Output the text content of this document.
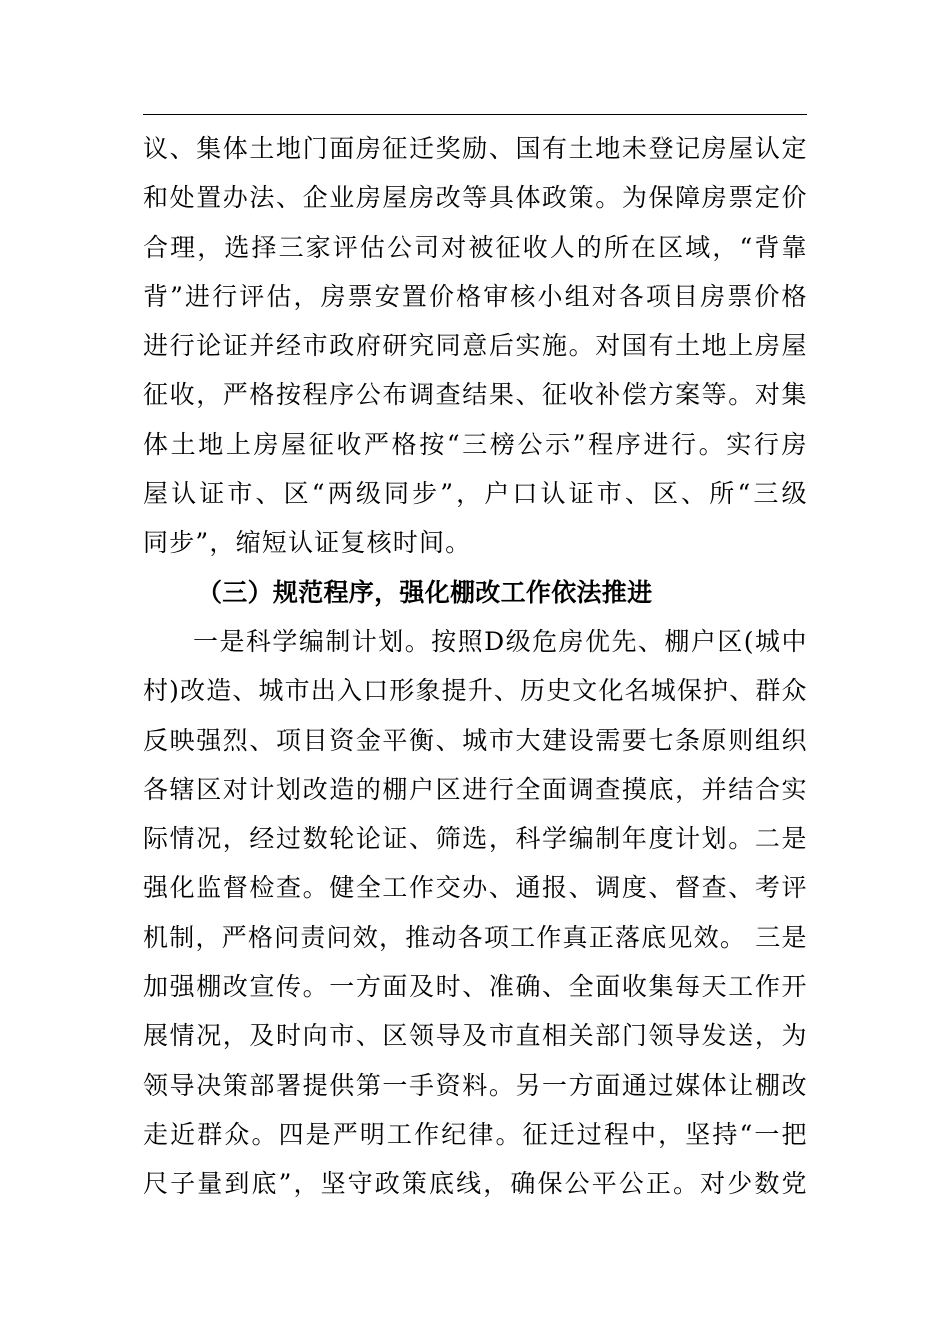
议、集体土地门面房征迁奖励、国有土地未登记房屋认定
和处置办法、企业房屋房改等具体政策。为保障房票定价
合理，选择三家评估公司对被征收人的所在区域，“背靠
背”进行评估，房票安置价格审核小组对各项目房票价格
进行论证并经市政府研究同意后实施。对国有土地上房屋
征收，严格按程序公布调查结果、征收补偿方案等。对集
体土地上房屋征收严格按“三榜公示”程序进行。实行房
屋认证市、区“两级同步”，户口认证市、区、所“三级
同步”，缩短认证复核时间。
（三）规范程序，强化棚改工作依法推进
一是科学编制计划。按照D级危房优先、棚户区(城中
村)改造、城市出入口形象提升、历史文化名城保护、群众
反映强烈、项目资金平衡、城市大建设需要七条原则组织
各辖区对计划改造的棚户区进行全面调查摸底，并结合实
际情况，经过数轮论证、筛选，科学编制年度计划。二是
强化监督检查。健全工作交办、通报、调度、督查、考评
机制，严格问责问效，推动各项工作真正落底见效。 三是
加强棚改宣传。一方面及时、准确、全面收集每天工作开
展情况，及时向市、区领导及市直相关部门领导发送，为
领导决策部署提供第一手资料。另一方面通过媒体让棚改
走近群众。四是严明工作纪律。征迁过程中，坚持“一把
尺子量到底”，坚守政策底线，确保公平公正。对少数党
